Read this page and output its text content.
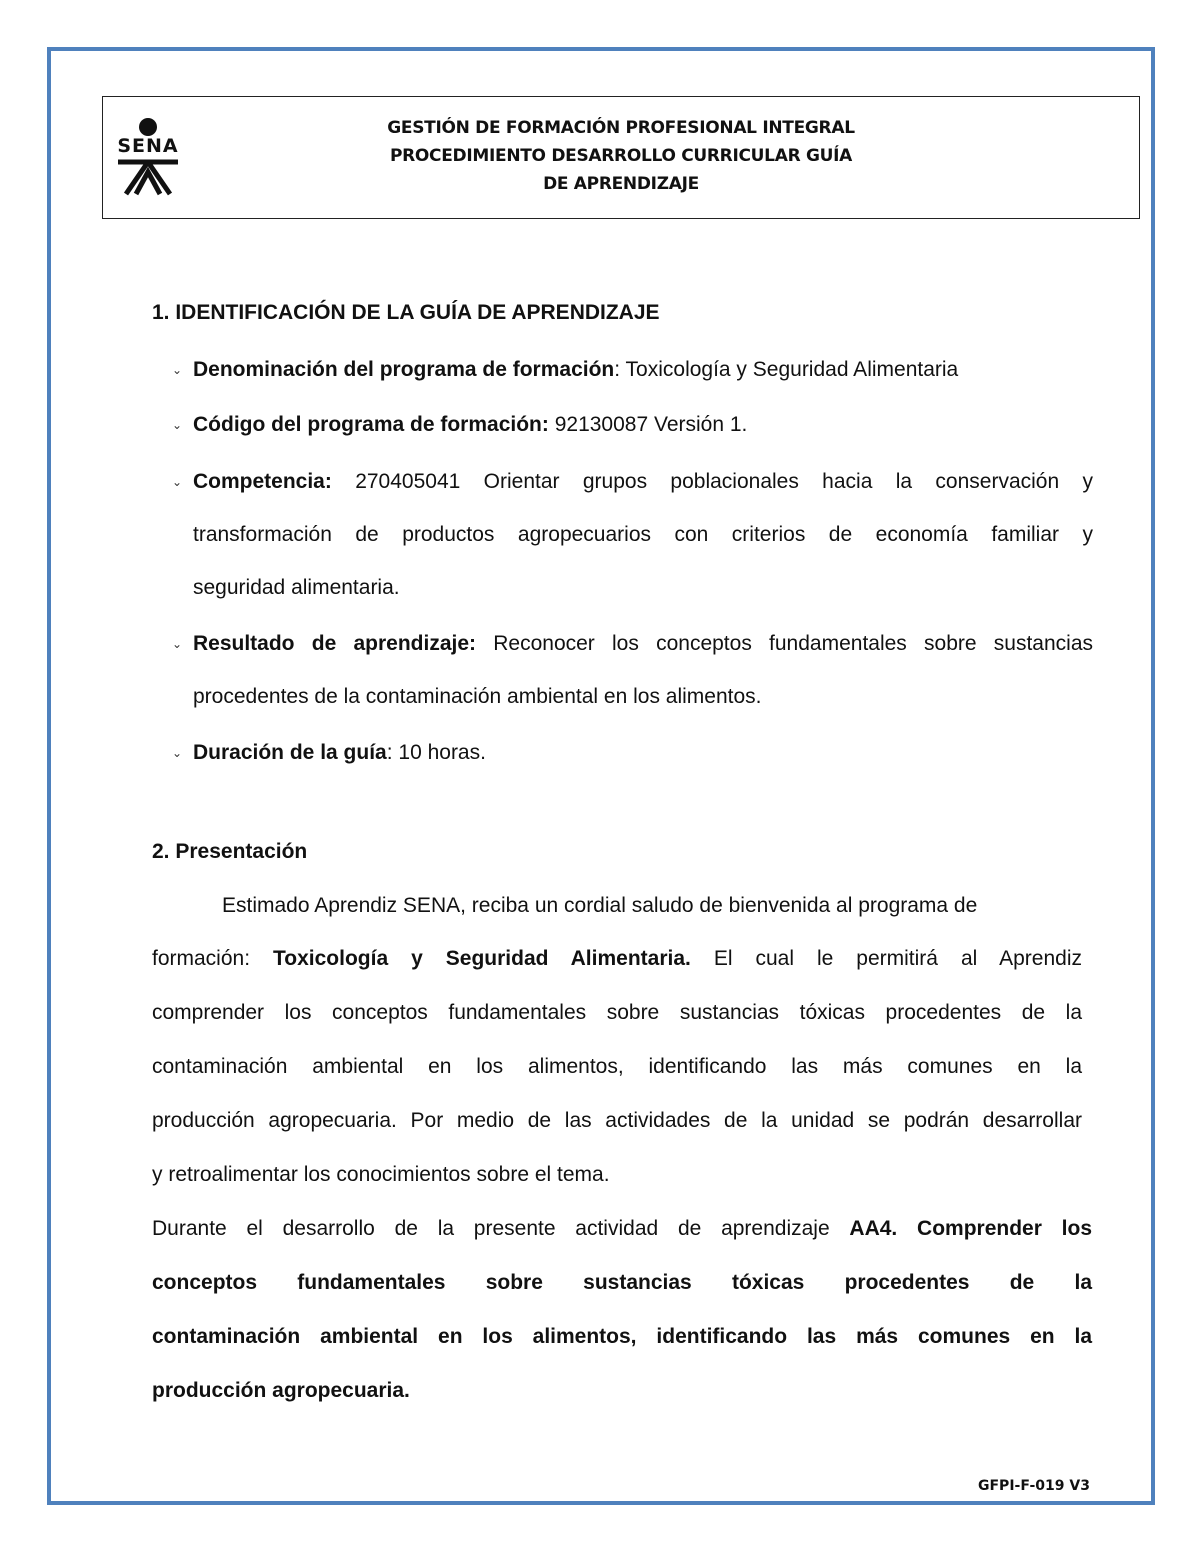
SENA
GESTIÓN DE FORMACIÓN PROFESIONAL INTEGRAL
PROCEDIMIENTO DESARROLLO CURRICULAR GUÍA
DE APRENDIZAJE
1. IDENTIFICACIÓN DE LA GUÍA DE APRENDIZAJE
⌄ Denominación del programa de formación: Toxicología y Seguridad Alimentaria
⌄ Código del programa de formación: 92130087 Versión 1.
⌄ Competencia: 270405041 Orientar grupos poblacionales hacia la conservación y
transformación de productos agropecuarios con criterios de economía familiar y
seguridad alimentaria.
⌄ Resultado de aprendizaje: Reconocer los conceptos fundamentales sobre sustancias
procedentes de la contaminación ambiental en los alimentos.
⌄ Duración de la guía: 10 horas.
2. Presentación
Estimado Aprendiz SENA, reciba un cordial saludo de bienvenida al programa de
formación: Toxicología y Seguridad Alimentaria. El cual le permitirá al Aprendiz
comprender los conceptos fundamentales sobre sustancias tóxicas procedentes de la
contaminación ambiental en los alimentos, identificando las más comunes en la
producción agropecuaria. Por medio de las actividades de la unidad se podrán desarrollar
y retroalimentar los conocimientos sobre el tema.
Durante el desarrollo de la presente actividad de aprendizaje AA4. Comprender los
conceptos fundamentales sobre sustancias tóxicas procedentes de la
contaminación ambiental en los alimentos, identificando las más comunes en la
producción agropecuaria.
GFPI-F-019 V3
